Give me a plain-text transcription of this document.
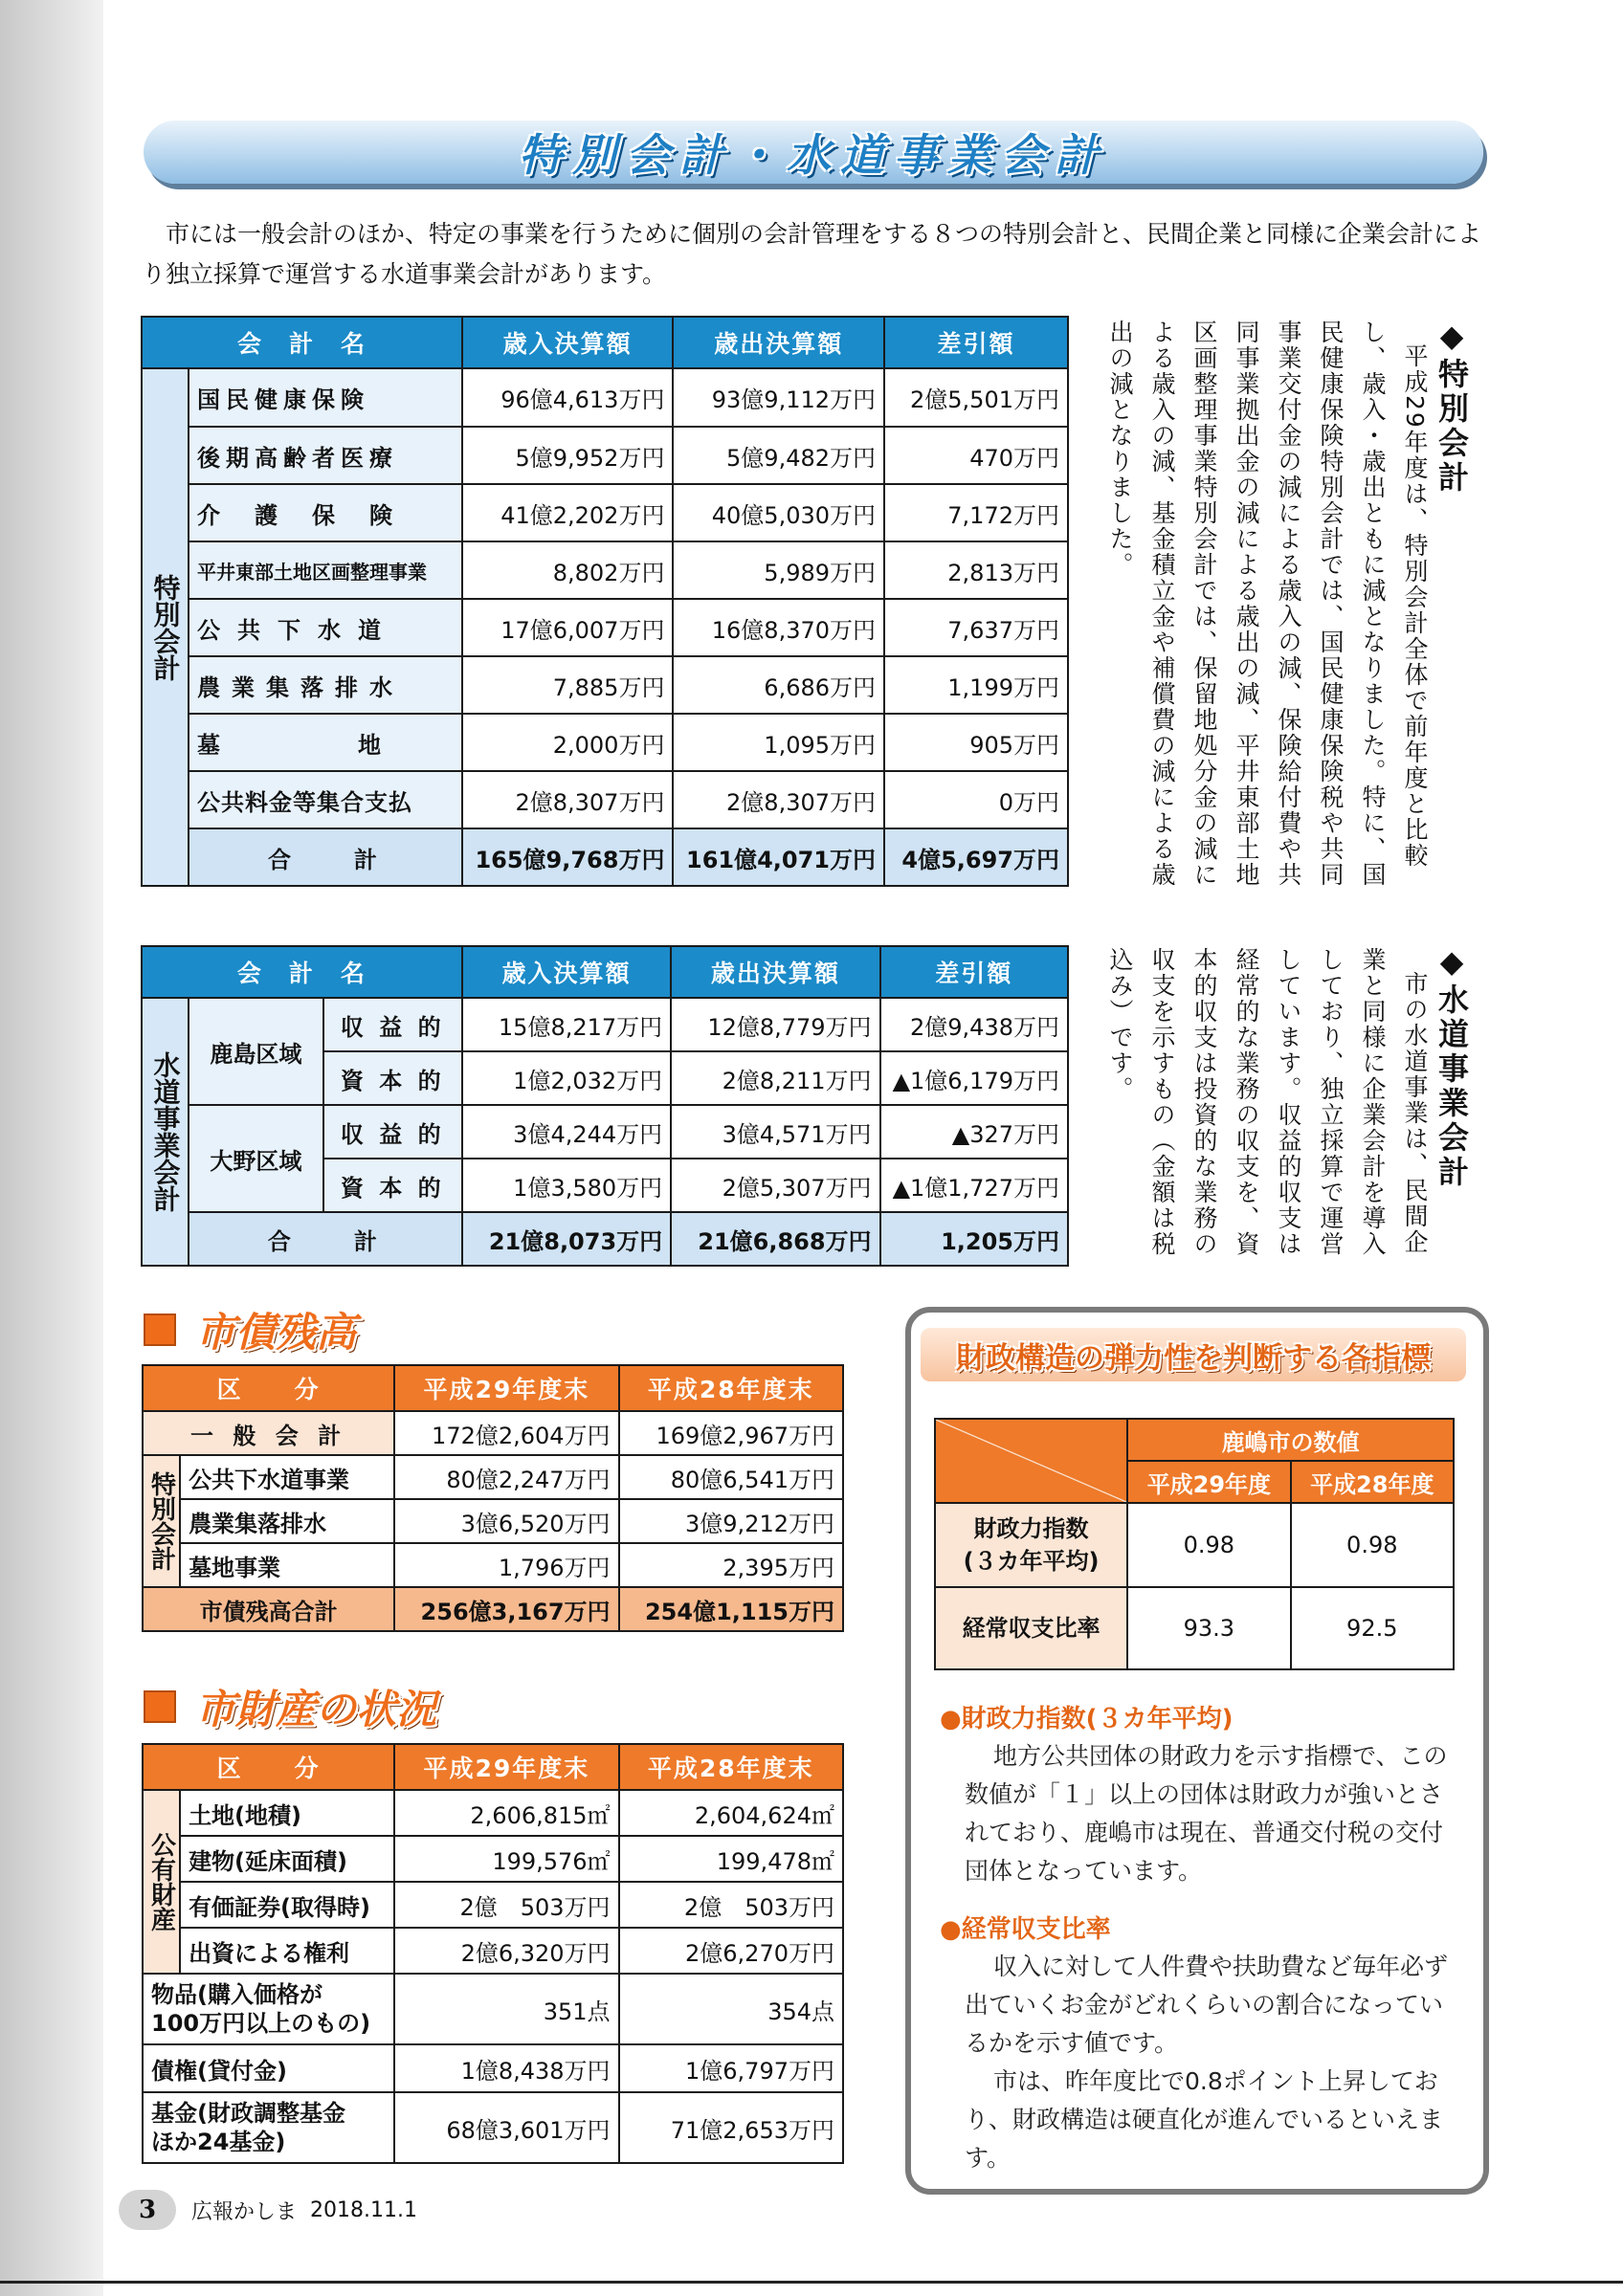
特別会計・水道事業会計
市には一般会計のほか、特定の事業を行うために個別の会計管理をする８つの特別会計と、民間企業と同様に企業会計により独立採算で運営する水道事業会計があります。
会　計　名		歳入決算額	歳出決算額	差引額
特別会計	国民健康保険	96億4,613万円	93億9,112万円	2億5,501万円
	後期高齢者医療	5億9,952万円	5億9,482万円	470万円
	介　護　保　険	41億2,202万円	40億5,030万円	7,172万円
	平井東部土地区画整理事業	8,802万円	5,989万円	2,813万円
	公共下水道	17億6,007万円	16億8,370万円	7,637万円
	農業集落排水	7,885万円	6,686万円	1,199万円
	墓　　　　　地	2,000万円	1,095万円	905万円
	公共料金等集合支払	2億8,307万円	2億8,307万円	0万円
	合　　計	165億9,768万円	161億4,071万円	4億5,697万円
◆特別会計
平成29年度は、特別会計全体で前年度と比較し、歳入・歳出ともに減となりました。特に、国民健康保険特別会計では、国民健康保険税や共同事業交付金の減による歳入の減、保険給付費や共同事業拠出金の減による歳出の減、平井東部土地区画整理事業特別会計では、保留地処分金の減による歳入の減、基金積立金や補償費の減による歳出の減となりました。
会　計　名			歳入決算額	歳出決算額	差引額
水道事業会計	鹿島区域	収 益 的	15億8,217万円	12億8,779万円	2億9,438万円
		資 本 的	1億2,032万円	2億8,211万円	▲1億6,179万円
	大野区域	収 益 的	3億4,244万円	3億4,571万円	▲327万円
		資 本 的	1億3,580万円	2億5,307万円	▲1億1,727万円
	合　　計		21億8,073万円	21億6,868万円	1,205万円
◆水道事業会計
市の水道事業は、民間企業と同様に企業会計を導入しており、独立採算で運営しています。収益的収支は経常的な業務の収支を、資本的収支は投資的な業務の収支を示すもの（金額は税込み）です。
市債残高
区　　分		平成29年度末	平成28年度末
一 般 会 計		172億2,604万円	169億2,967万円
特別会計	公共下水道事業	80億2,247万円	80億6,541万円
	農業集落排水	3億6,520万円	3億9,212万円
	墓地事業	1,796万円	2,395万円
市債残高合計		256億3,167万円	254億1,115万円
市財産の状況
区　　分		平成29年度末	平成28年度末
公有財産	土地(地積)	2,606,815㎡	2,604,624㎡
	建物(延床面積)	199,576㎡	199,478㎡
	有価証券(取得時)	2億　503万円	2億　503万円
	出資による権利	2億6,320万円	2億6,270万円

物品(購入価格が
100万円以上のもの)		351点	354点
債権(貸付金)		1億8,438万円	1億6,797万円

基金(財政調整基金
ほか24基金)		68億3,601万円	71億2,653万円
財政構造の弾力性を判断する各指標
	鹿嶋市の数値	
	平成29年度	平成28年度

財政力指数
(３カ年平均)	0.98	0.98
経常収支比率	93.3	92.5
●財政力指数(３カ年平均)
地方公共団体の財政力を示す指標で、この数値が「１」以上の団体は財政力が強いとされており、鹿嶋市は現在、普通交付税の交付団体となっています。
●経常収支比率
収入に対して人件費や扶助費など毎年必ず出ていくお金がどれくらいの割合になっているかを示す値です。
市は、昨年度比で0.8ポイント上昇しており、財政構造は硬直化が進んでいるといえます。
3	広報かしま 2018.11.1
